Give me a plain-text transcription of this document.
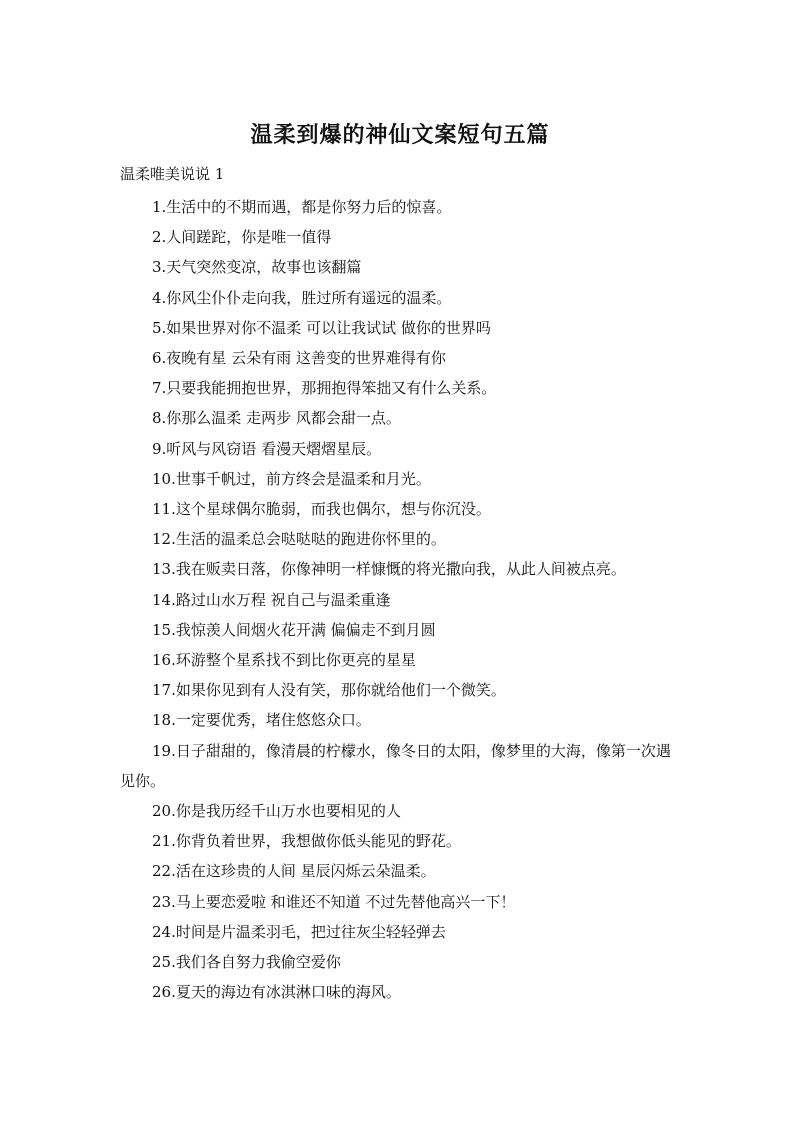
温柔到爆的神仙文案短句五篇

温柔唯美说说 1

1.生活中的不期而遇，都是你努力后的惊喜。
2.人间蹉跎，你是唯一值得
3.天气突然变凉，故事也该翻篇
4.你风尘仆仆走向我，胜过所有遥远的温柔。
5.如果世界对你不温柔 可以让我试试 做你的世界吗
6.夜晚有星 云朵有雨 这善变的世界难得有你
7.只要我能拥抱世界，那拥抱得笨拙又有什么关系。
8.你那么温柔 走两步 风都会甜一点。
9.听风与风窃语 看漫天熠熠星辰。
10.世事千帆过，前方终会是温柔和月光。
11.这个星球偶尔脆弱，而我也偶尔，想与你沉没。
12.生活的温柔总会哒哒哒的跑进你怀里的。
13.我在贩卖日落，你像神明一样慷慨的将光撒向我，从此人间被点亮。
14.路过山水万程 祝自己与温柔重逢
15.我惊羡人间烟火花开满 偏偏走不到月圆
16.环游整个星系找不到比你更亮的星星
17.如果你见到有人没有笑，那你就给他们一个微笑。
18.一定要优秀，堵住悠悠众口。
19.日子甜甜的，像清晨的柠檬水，像冬日的太阳，像梦里的大海，像第一次遇见你。
20.你是我历经千山万水也要相见的人
21.你背负着世界，我想做你低头能见的野花。
22.活在这珍贵的人间 星辰闪烁云朵温柔。
23.马上要恋爱啦 和谁还不知道 不过先替他高兴一下！
24.时间是片温柔羽毛，把过往灰尘轻轻弹去
25.我们各自努力我偷空爱你
26.夏天的海边有冰淇淋口味的海风。
